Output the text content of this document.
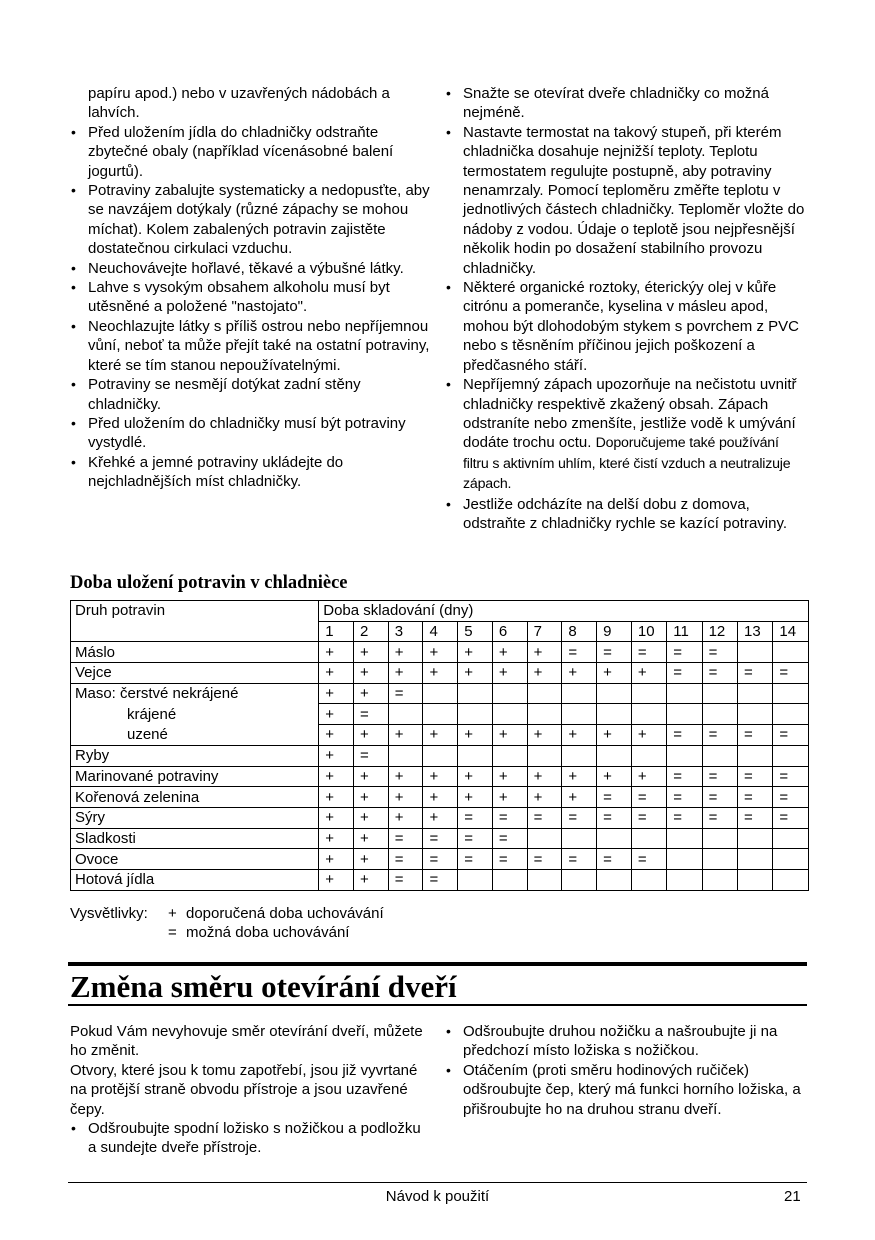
papíru apod.) nebo v uzavřených nádobách a lahvích.

• Před uložením jídla do chladničky odstraňte zbytečné obaly (například vícenásobné balení jogurtů).
• Potraviny zabalujte systematicky a nedopusťte, aby se navzájem dotýkaly (různé zápachy se mohou míchat). Kolem zabalených potravin zajistěte dostatečnou cirkulaci vzduchu.
• Neuchovávejte hořlavé, těkavé a výbušné látky.
• Lahve s vysokým obsahem alkoholu musí byt utěsněné a položené "nastojato".
• Neochlazujte látky s příliš ostrou nebo nepříjemnou vůní, neboť ta může přejít také na ostatní potraviny, které se tím stanou nepoužívatelnými.
• Potraviny se nesmějí dotýkat zadní stěny chladničky.
• Před uložením do chladničky musí být potraviny vystydlé.
• Křehké a jemné potraviny ukládejte do nejchladnějších míst chladničky.
• Snažte se otevírat dveře chladničky co možná nejméně.
• Nastavte termostat na takový stupeň, při kterém chladnička dosahuje nejnižší teploty. Teplotu termostatem regulujte postupně, aby potraviny nenamrzaly. Pomocí teploměru změřte teplotu v jednotlivých částech chladničky. Teploměr vložte do nádoby z vodou. Údaje o teplotě jsou nejpřesnější několik hodin po dosažení stabilního provozu chladničky.
• Některé organické roztoky, éterickýy olej v kůře citrónu a pomeranče, kyselina v másleu apod, mohou být dlohodobým stykem s povrchem z PVC nebo s těsněním příčinou jejich poškození a předčasného stáří.
• Nepříjemný zápach upozorňuje na nečistotu uvnitř chladničky respektivě zkažený obsah. Zápach odstraníte nebo zmenšíte, jestliže vodě k umývání dodáte trochu octu. Doporučujeme také používání filtru s aktivním uhlím, které čistí vzduch a neutralizuje zápach.
• Jestliže odcházíte na delší dobu z domova, odstraňte z chladničky rychle se kazící potraviny.
Doba uložení potravin v chladnièce
Druh potravin	Doba skladování (dny)													
	1	2	3	4	5	6	7	8	9	10	11	12	13	14
Máslo	+	+	+	+	+	+	+	=	=	=	=	=		
Vejce	+	+	+	+	+	+	+	+	+	+	=	=	=	=
Maso: čerstvé nekrájené	+	+	=											
krájené	+	=												
uzené	+	+	+	+	+	+	+	+	+	+	=	=	=	=
Ryby	+	=												
Marinované potraviny	+	+	+	+	+	+	+	+	+	+	=	=	=	=
Kořenová zelenina	+	+	+	+	+	+	+	+	=	=	=	=	=	=
Sýry	+	+	+	+	=	=	=	=	=	=	=	=	=	=
Sladkosti	+	+	=	=	=	=								
Ovoce	+	+	=	=	=	=	=	=	=	=				
Hotová jídla	+	+	=	=										
Vysvětlivky:	+ doporučená doba uchovávání
= možná doba uchovávání
Změna směru otevírání dveří

Pokud Vám nevyhovuje směr otevírání dveří, můžete ho změnit.

Otvory, které jsou k tomu zapotřebí, jsou již vyvrtané na protější straně obvodu přístroje a jsou uzavřené čepy.

• Odšroubujte spodní ložisko s nožičkou a podložku a sundejte dveře přístroje.
• Odšroubujte druhou nožičku a našroubujte ji na předchozí místo ložiska s nožičkou.
• Otáčením (proti směru hodinových ručiček) odšroubujte čep, který má funkci horního ložiska, a přišroubujte ho na druhou stranu dveří.
Návod k použití	21
